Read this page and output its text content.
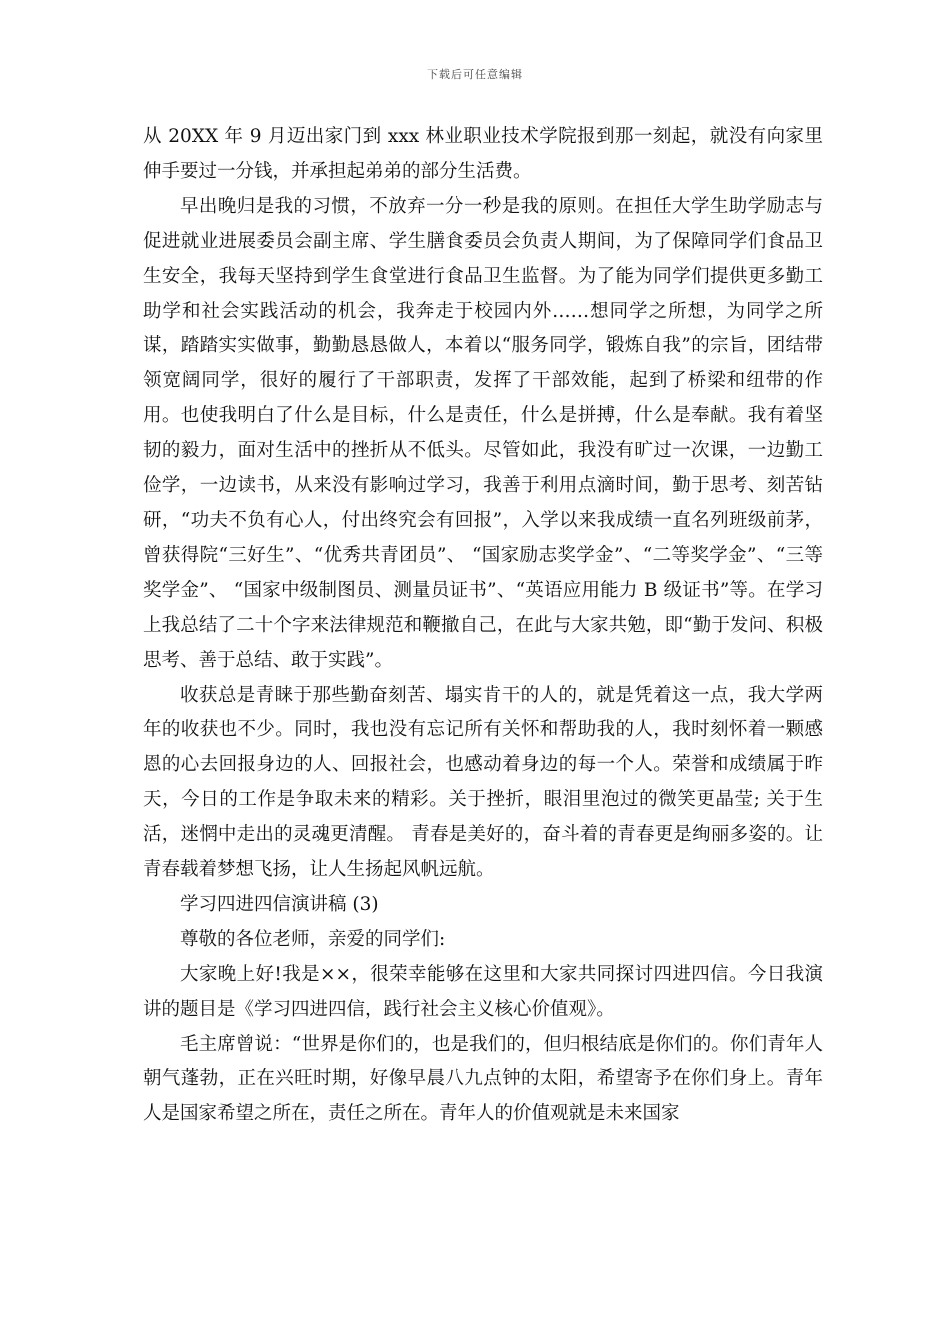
下载后可任意编辑

从 20XX 年 9 月迈出家门到 xxx 林业职业技术学院报到那一刻起，就没有向家里伸手要过一分钱，并承担起弟弟的部分生活费。

早出晚归是我的习惯，不放弃一分一秒是我的原则。在担任大学生助学励志与促进就业进展委员会副主席、学生膳食委员会负责人期间，为了保障同学们食品卫生安全，我每天坚持到学生食堂进行食品卫生监督。为了能为同学们提供更多勤工助学和社会实践活动的机会，我奔走于校园内外……想同学之所想，为同学之所谋，踏踏实实做事，勤勤恳恳做人，本着以“服务同学，锻炼自我”的宗旨，团结带领宽阔同学，很好的履行了干部职责，发挥了干部效能，起到了桥梁和纽带的作用。也使我明白了什么是目标，什么是责任，什么是拼搏，什么是奉献。我有着坚韧的毅力，面对生活中的挫折从不低头。尽管如此，我没有旷过一次课，一边勤工俭学，一边读书，从来没有影响过学习，我善于利用点滴时间，勤于思考、刻苦钻研，“功夫不负有心人，付出终究会有回报”，入学以来我成绩一直名列班级前茅，曾获得院“三好生”、“优秀共青团员”、 “国家励志奖学金”、“二等奖学金”、“三等奖学金”、 “国家中级制图员、测量员证书”、“英语应用能力 B 级证书”等。在学习上我总结了二十个字来法律规范和鞭撤自己，在此与大家共勉，即“勤于发问、积极思考、善于总结、敢于实践”。

收获总是青睐于那些勤奋刻苦、塌实肯干的人的，就是凭着这一点，我大学两年的收获也不少。同时，我也没有忘记所有关怀和帮助我的人，我时刻怀着一颗感恩的心去回报身边的人、回报社会，也感动着身边的每一个人。荣誉和成绩属于昨天，今日的工作是争取未来的精彩。关于挫折，眼泪里泡过的微笑更晶莹; 关于生活，迷惘中走出的灵魂更清醒。 青春是美好的，奋斗着的青春更是绚丽多姿的。让青春载着梦想飞扬，让人生扬起风帆远航。

学习四进四信演讲稿 (3)

尊敬的各位老师，亲爱的同学们:

大家晚上好!我是××，很荣幸能够在这里和大家共同探讨四进四信。今日我演讲的题目是《学习四进四信，践行社会主义核心价值观》。

毛主席曾说：“世界是你们的，也是我们的，但归根结底是你们的。你们青年人朝气蓬勃，正在兴旺时期，好像早晨八九点钟的太阳，希望寄予在你们身上。青年人是国家希望之所在，责任之所在。青年人的价值观就是未来国家
